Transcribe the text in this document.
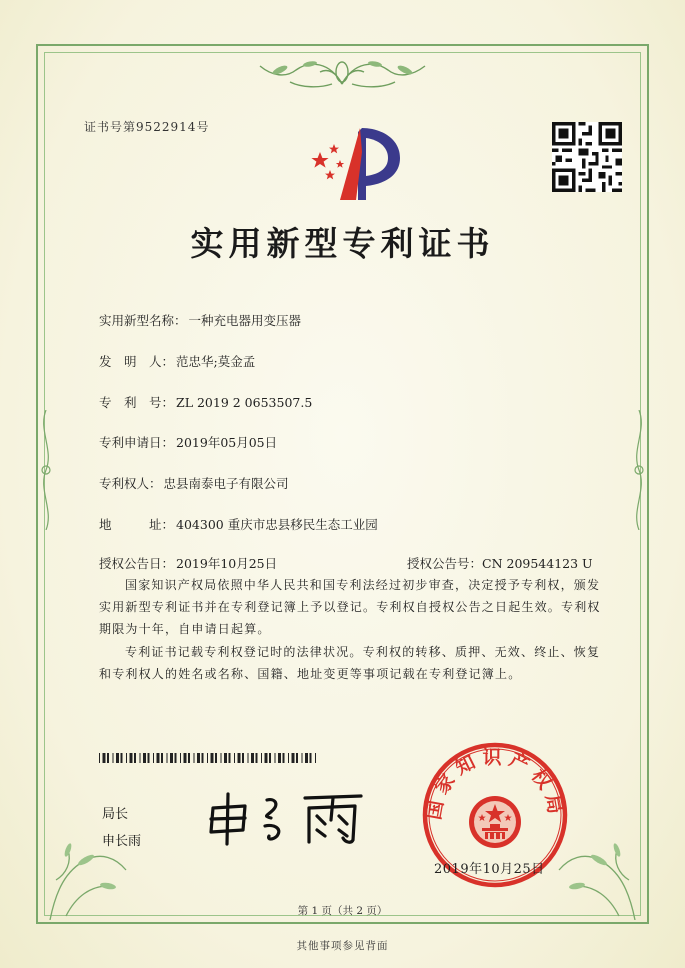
证书号第9522914号
实用新型专利证书
实用新型名称： 一种充电器用变压器
发　明　人： 范忠华;莫金孟
专　利　号： ZL 2019 2 0653507.5
专利申请日： 2019年05月05日
专利权人： 忠县南泰电子有限公司
地　　　址： 404300 重庆市忠县移民生态工业园
授权公告日： 2019年10月25日	授权公告号：CN 209544123 U
国家知识产权局依照中华人民共和国专利法经过初步审查，决定授予专利权，颁发实用新型专利证书并在专利登记簿上予以登记。专利权自授权公告之日起生效。专利权期限为十年，自申请日起算。
专利证书记载专利权登记时的法律状况。专利权的转移、质押、无效、终止、恢复和专利权人的姓名或名称、国籍、地址变更等事项记载在专利登记簿上。
局长
申长雨
国家知识产权局
2019年10月25日
第 1 页（共 2 页）
其他事项参见背面
